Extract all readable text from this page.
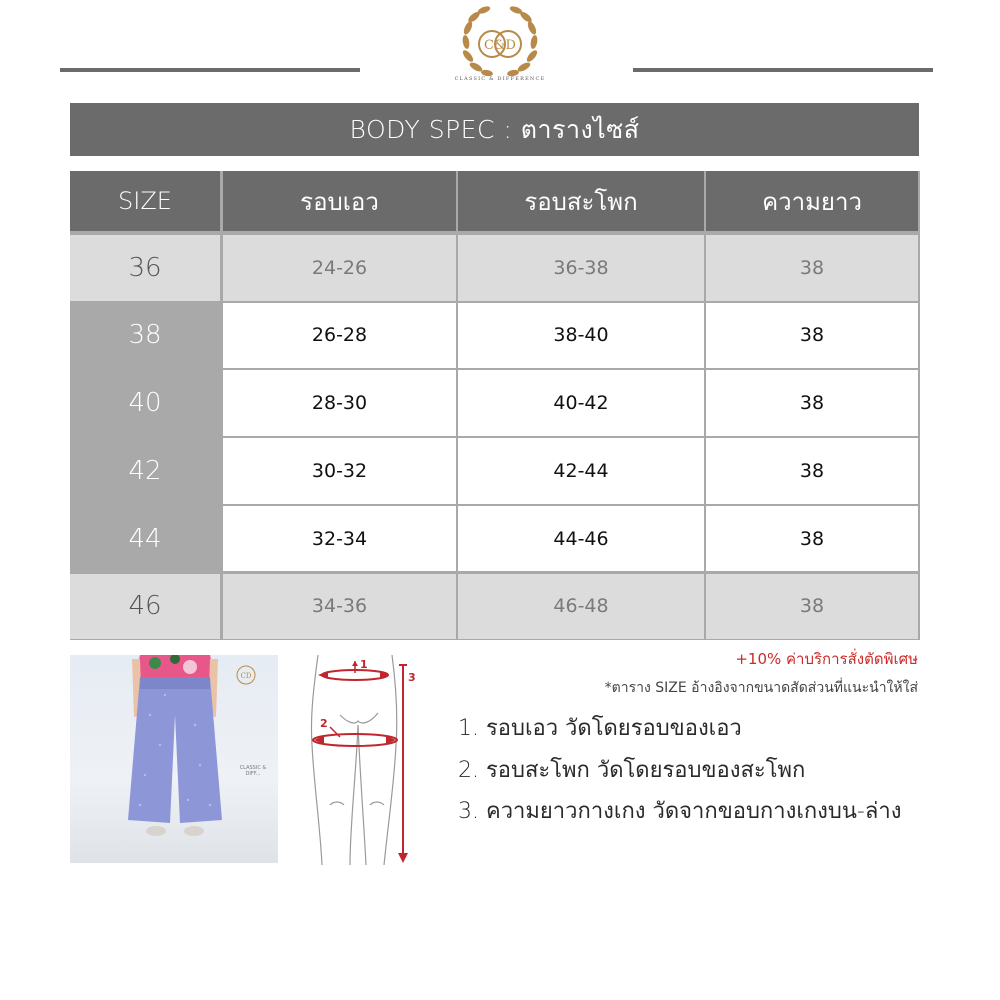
C&D
CLASSIC & DIFFERENCE
BODY SPEC : ตารางไซส์
SIZE	รอบเอว	รอบสะโพก	ความยาว
36	24-26	36-38	38
38	26-28	38-40	38
40	28-30	40-42	38
42	30-32	42-44	38
44	32-34	44-46	38
46	34-36	46-48	38
+10% ค่าบริการสั่งตัดพิเศษ
*ตาราง SIZE อ้างอิงจากขนาดสัดส่วนที่แนะนำให้ใส่
1. รอบเอว วัดโดยรอบของเอว
2. รอบสะโพก วัดโดยรอบของสะโพก
3. ความยาวกางเกง วัดจากขอบกางเกงบน-ล่าง
CD
CLASSIC &
DIFF...
1
2
3
